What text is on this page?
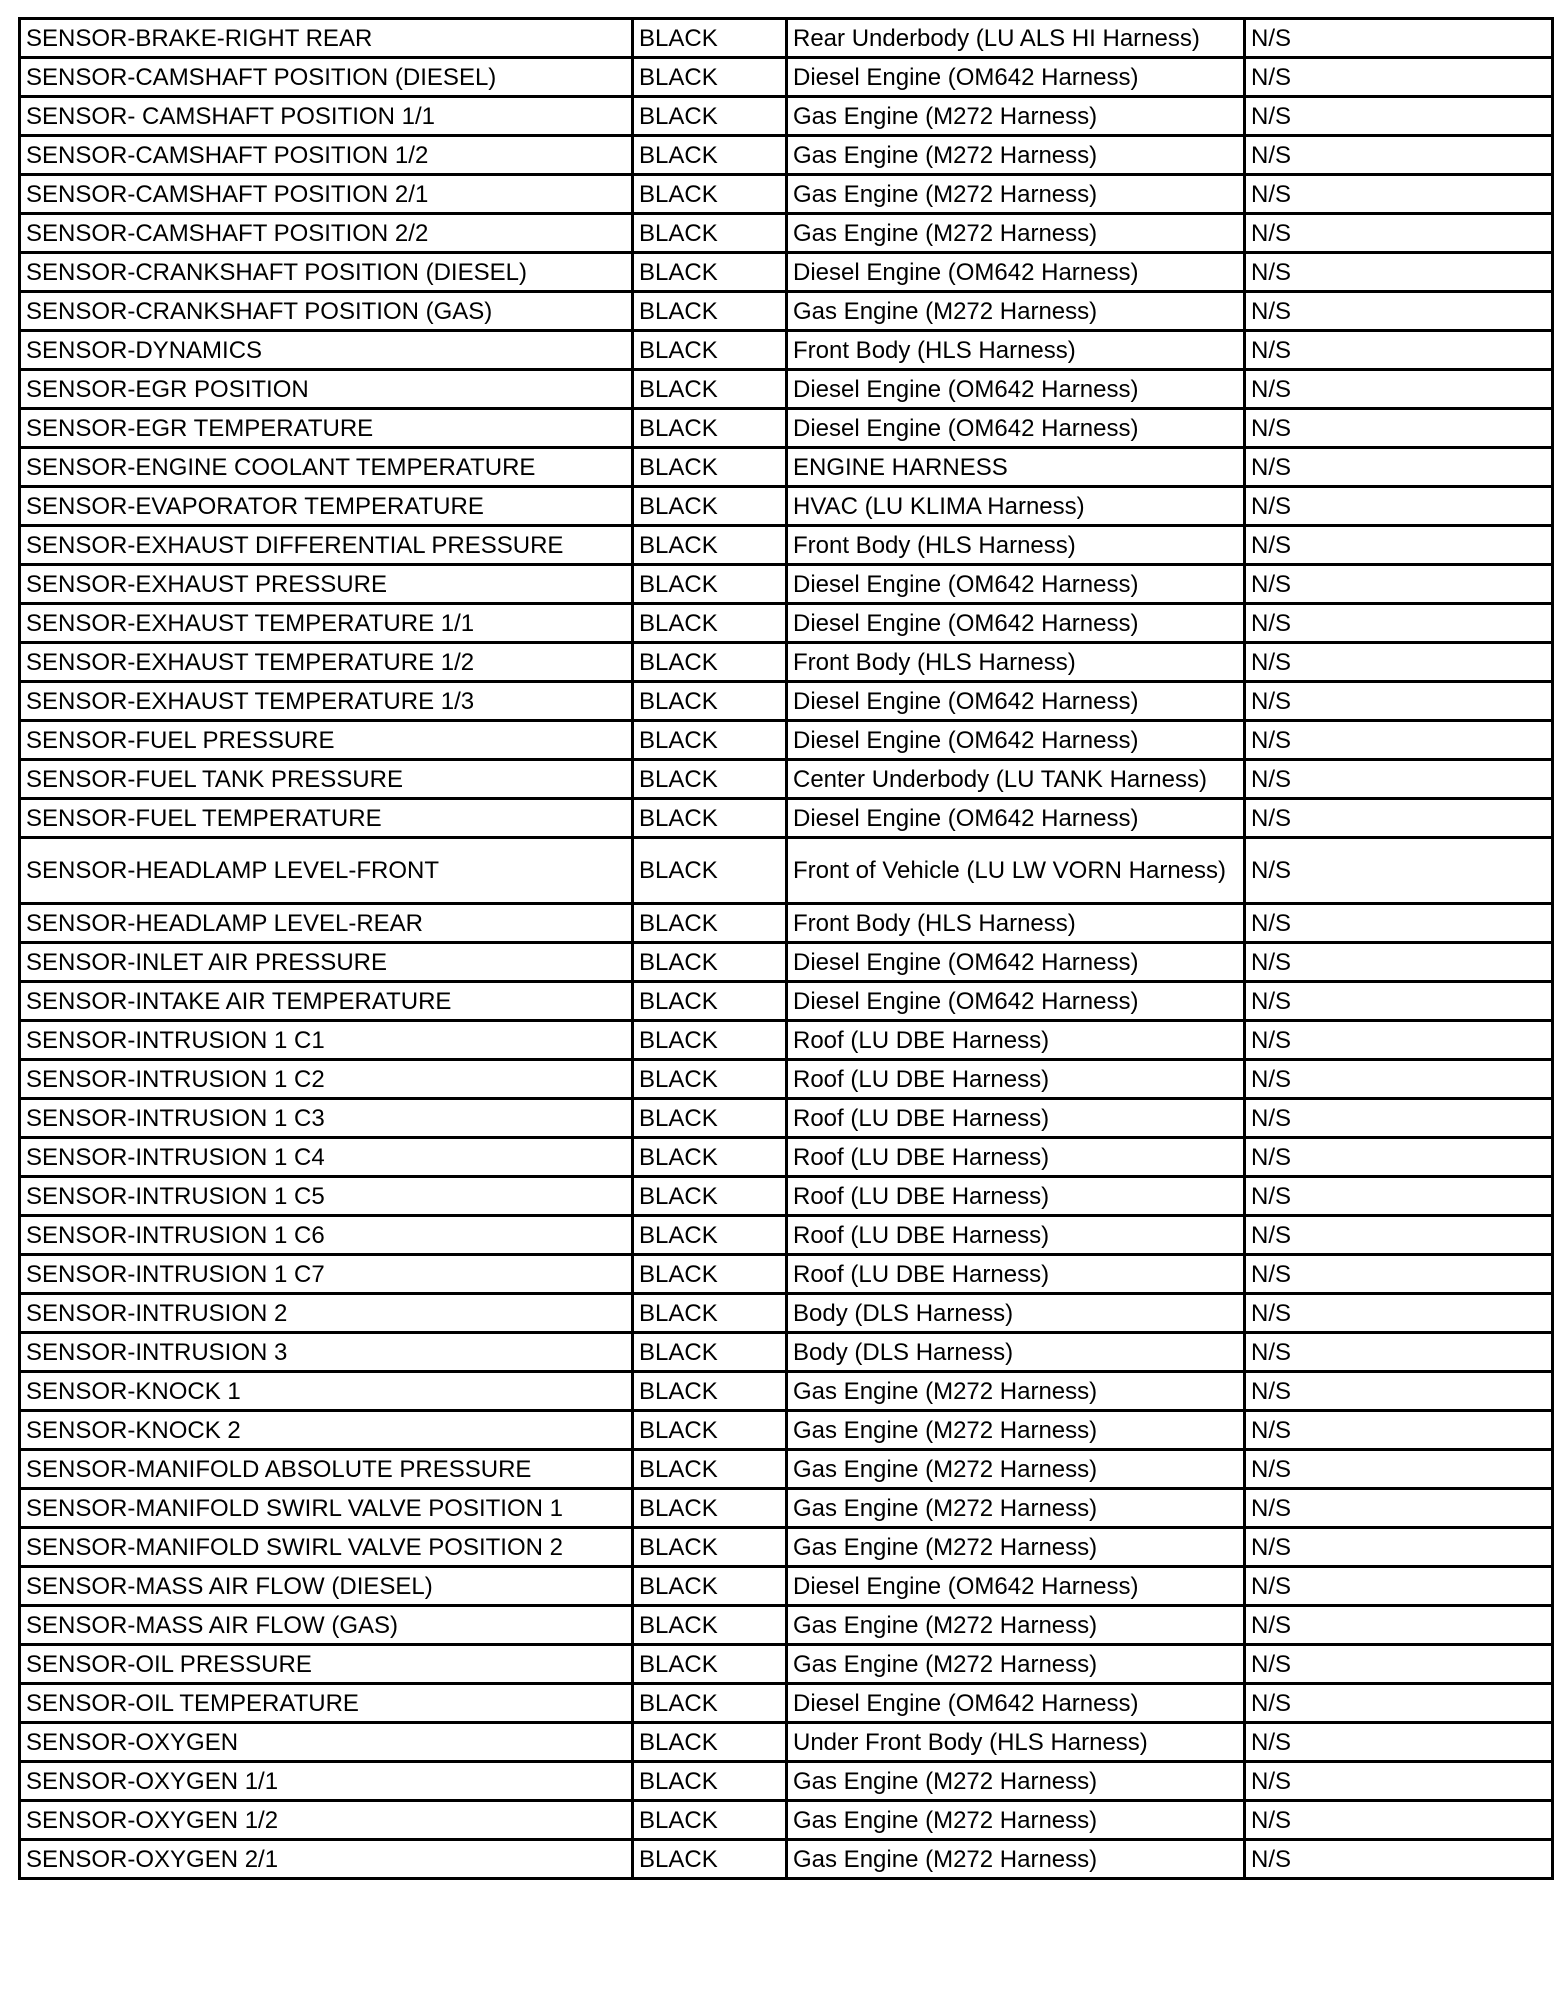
SENSOR-BRAKE-RIGHT REAR	BLACK	Rear Underbody (LU ALS HI Harness)	N/S
SENSOR-CAMSHAFT POSITION (DIESEL)	BLACK	Diesel Engine (OM642 Harness)	N/S
SENSOR- CAMSHAFT POSITION 1/1	BLACK	Gas Engine (M272 Harness)	N/S
SENSOR-CAMSHAFT POSITION 1/2	BLACK	Gas Engine (M272 Harness)	N/S
SENSOR-CAMSHAFT POSITION 2/1	BLACK	Gas Engine (M272 Harness)	N/S
SENSOR-CAMSHAFT POSITION 2/2	BLACK	Gas Engine (M272 Harness)	N/S
SENSOR-CRANKSHAFT POSITION (DIESEL)	BLACK	Diesel Engine (OM642 Harness)	N/S
SENSOR-CRANKSHAFT POSITION (GAS)	BLACK	Gas Engine (M272 Harness)	N/S
SENSOR-DYNAMICS	BLACK	Front Body (HLS Harness)	N/S
SENSOR-EGR POSITION	BLACK	Diesel Engine (OM642 Harness)	N/S
SENSOR-EGR TEMPERATURE	BLACK	Diesel Engine (OM642 Harness)	N/S
SENSOR-ENGINE COOLANT TEMPERATURE	BLACK	ENGINE HARNESS	N/S
SENSOR-EVAPORATOR TEMPERATURE	BLACK	HVAC (LU KLIMA Harness)	N/S
SENSOR-EXHAUST DIFFERENTIAL PRESSURE	BLACK	Front Body (HLS Harness)	N/S
SENSOR-EXHAUST PRESSURE	BLACK	Diesel Engine (OM642 Harness)	N/S
SENSOR-EXHAUST TEMPERATURE 1/1	BLACK	Diesel Engine (OM642 Harness)	N/S
SENSOR-EXHAUST TEMPERATURE 1/2	BLACK	Front Body (HLS Harness)	N/S
SENSOR-EXHAUST TEMPERATURE 1/3	BLACK	Diesel Engine (OM642 Harness)	N/S
SENSOR-FUEL PRESSURE	BLACK	Diesel Engine (OM642 Harness)	N/S
SENSOR-FUEL TANK PRESSURE	BLACK	Center Underbody (LU TANK Harness)	N/S
SENSOR-FUEL TEMPERATURE	BLACK	Diesel Engine (OM642 Harness)	N/S
SENSOR-HEADLAMP LEVEL-FRONT	BLACK	Front of Vehicle (LU LW VORN Harness)	N/S
SENSOR-HEADLAMP LEVEL-REAR	BLACK	Front Body (HLS Harness)	N/S
SENSOR-INLET AIR PRESSURE	BLACK	Diesel Engine (OM642 Harness)	N/S
SENSOR-INTAKE AIR TEMPERATURE	BLACK	Diesel Engine (OM642 Harness)	N/S
SENSOR-INTRUSION 1 C1	BLACK	Roof (LU DBE Harness)	N/S
SENSOR-INTRUSION 1 C2	BLACK	Roof (LU DBE Harness)	N/S
SENSOR-INTRUSION 1 C3	BLACK	Roof (LU DBE Harness)	N/S
SENSOR-INTRUSION 1 C4	BLACK	Roof (LU DBE Harness)	N/S
SENSOR-INTRUSION 1 C5	BLACK	Roof (LU DBE Harness)	N/S
SENSOR-INTRUSION 1 C6	BLACK	Roof (LU DBE Harness)	N/S
SENSOR-INTRUSION 1 C7	BLACK	Roof (LU DBE Harness)	N/S
SENSOR-INTRUSION 2	BLACK	Body (DLS Harness)	N/S
SENSOR-INTRUSION 3	BLACK	Body (DLS Harness)	N/S
SENSOR-KNOCK 1	BLACK	Gas Engine (M272 Harness)	N/S
SENSOR-KNOCK 2	BLACK	Gas Engine (M272 Harness)	N/S
SENSOR-MANIFOLD ABSOLUTE PRESSURE	BLACK	Gas Engine (M272 Harness)	N/S
SENSOR-MANIFOLD SWIRL VALVE POSITION 1	BLACK	Gas Engine (M272 Harness)	N/S
SENSOR-MANIFOLD SWIRL VALVE POSITION 2	BLACK	Gas Engine (M272 Harness)	N/S
SENSOR-MASS AIR FLOW (DIESEL)	BLACK	Diesel Engine (OM642 Harness)	N/S
SENSOR-MASS AIR FLOW (GAS)	BLACK	Gas Engine (M272 Harness)	N/S
SENSOR-OIL PRESSURE	BLACK	Gas Engine (M272 Harness)	N/S
SENSOR-OIL TEMPERATURE	BLACK	Diesel Engine (OM642 Harness)	N/S
SENSOR-OXYGEN	BLACK	Under Front Body (HLS Harness)	N/S
SENSOR-OXYGEN 1/1	BLACK	Gas Engine (M272 Harness)	N/S
SENSOR-OXYGEN 1/2	BLACK	Gas Engine (M272 Harness)	N/S
SENSOR-OXYGEN 2/1	BLACK	Gas Engine (M272 Harness)	N/S
